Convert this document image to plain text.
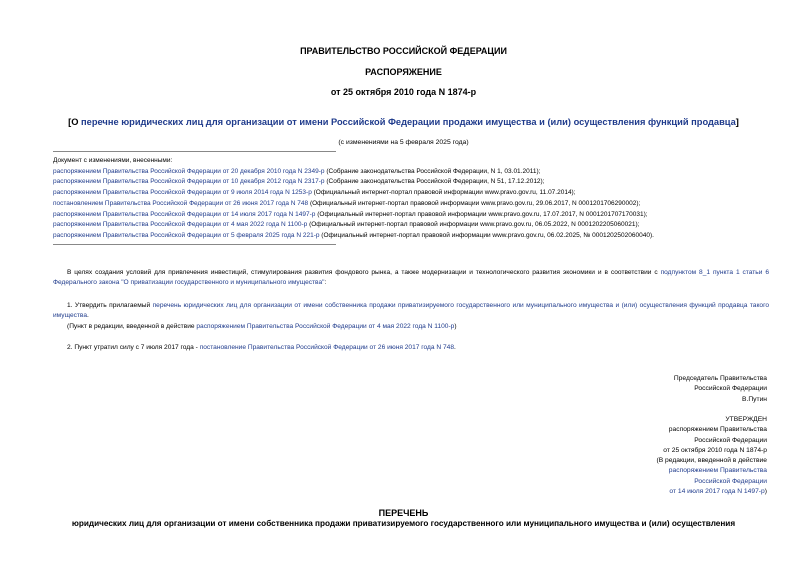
ПРАВИТЕЛЬСТВО РОССИЙСКОЙ ФЕДЕРАЦИИ
РАСПОРЯЖЕНИЕ
от 25 октября 2010 года N 1874-р
[О перечне юридических лиц для организации от имени Российской Федерации продажи имущества и (или) осуществления функций продавца]
(с изменениями на 5 февраля 2025 года)
Документ с изменениями, внесенными:
распоряжением Правительства Российской Федерации от 20 декабря 2010 года N 2349-р (Собрание законодательства Российской Федерации, N 1, 03.01.2011);
распоряжением Правительства Российской Федерации от 10 декабря 2012 года N 2317-р (Собрание законодательства Российской Федерации, N 51, 17.12.2012);
распоряжением Правительства Российской Федерации от 9 июля 2014 года N 1253-р (Официальный интернет-портал правовой информации www.pravo.gov.ru, 11.07.2014);
постановлением Правительства Российской Федерации от 26 июня 2017 года N 748 (Официальный интернет-портал правовой информации www.pravo.gov.ru, 29.06.2017, N 0001201706290002);
распоряжением Правительства Российской Федерации от 14 июля 2017 года N 1497-р (Официальный интернет-портал правовой информации www.pravo.gov.ru, 17.07.2017, N 0001201707170031);
распоряжением Правительства Российской Федерации от 4 мая 2022 года N 1100-р (Официальный интернет-портал правовой информации www.pravo.gov.ru, 06.05.2022, N 0001202205060021);
распоряжением Правительства Российской Федерации от 5 февраля 2025 года N 221-р (Официальный интернет-портал правовой информации www.pravo.gov.ru, 06.02.2025, № 0001202502060040).
В целях создания условий для привлечения инвестиций, стимулирования развития фондового рынка, а также модернизации и технологического развития экономики и в соответствии с подпунктом 8_1 пункта 1 статьи 6 Федерального закона "О приватизации государственного и муниципального имущества":
1. Утвердить прилагаемый перечень юридических лиц для организации от имени собственника продажи приватизируемого государственного или муниципального имущества и (или) осуществления функций продавца такого имущества.
(Пункт в редакции, введенной в действие распоряжением Правительства Российской Федерации от 4 мая 2022 года N 1100-р)
2. Пункт утратил силу с 7 июля 2017 года - постановление Правительства Российской Федерации от 26 июня 2017 года N 748.
Председатель Правительства
Российской Федерации
В.Путин
УТВЕРЖДЕН
распоряжением Правительства
Российской Федерации
от 25 октября 2010 года N 1874-р
(В редакции, введенной в действие
распоряжением Правительства
Российской Федерации
от 14 июля 2017 года N 1497-р)
ПЕРЕЧЕНЬ
юридических лиц для организации от имени собственника продажи приватизируемого государственного или муниципального имущества и (или) осуществления
